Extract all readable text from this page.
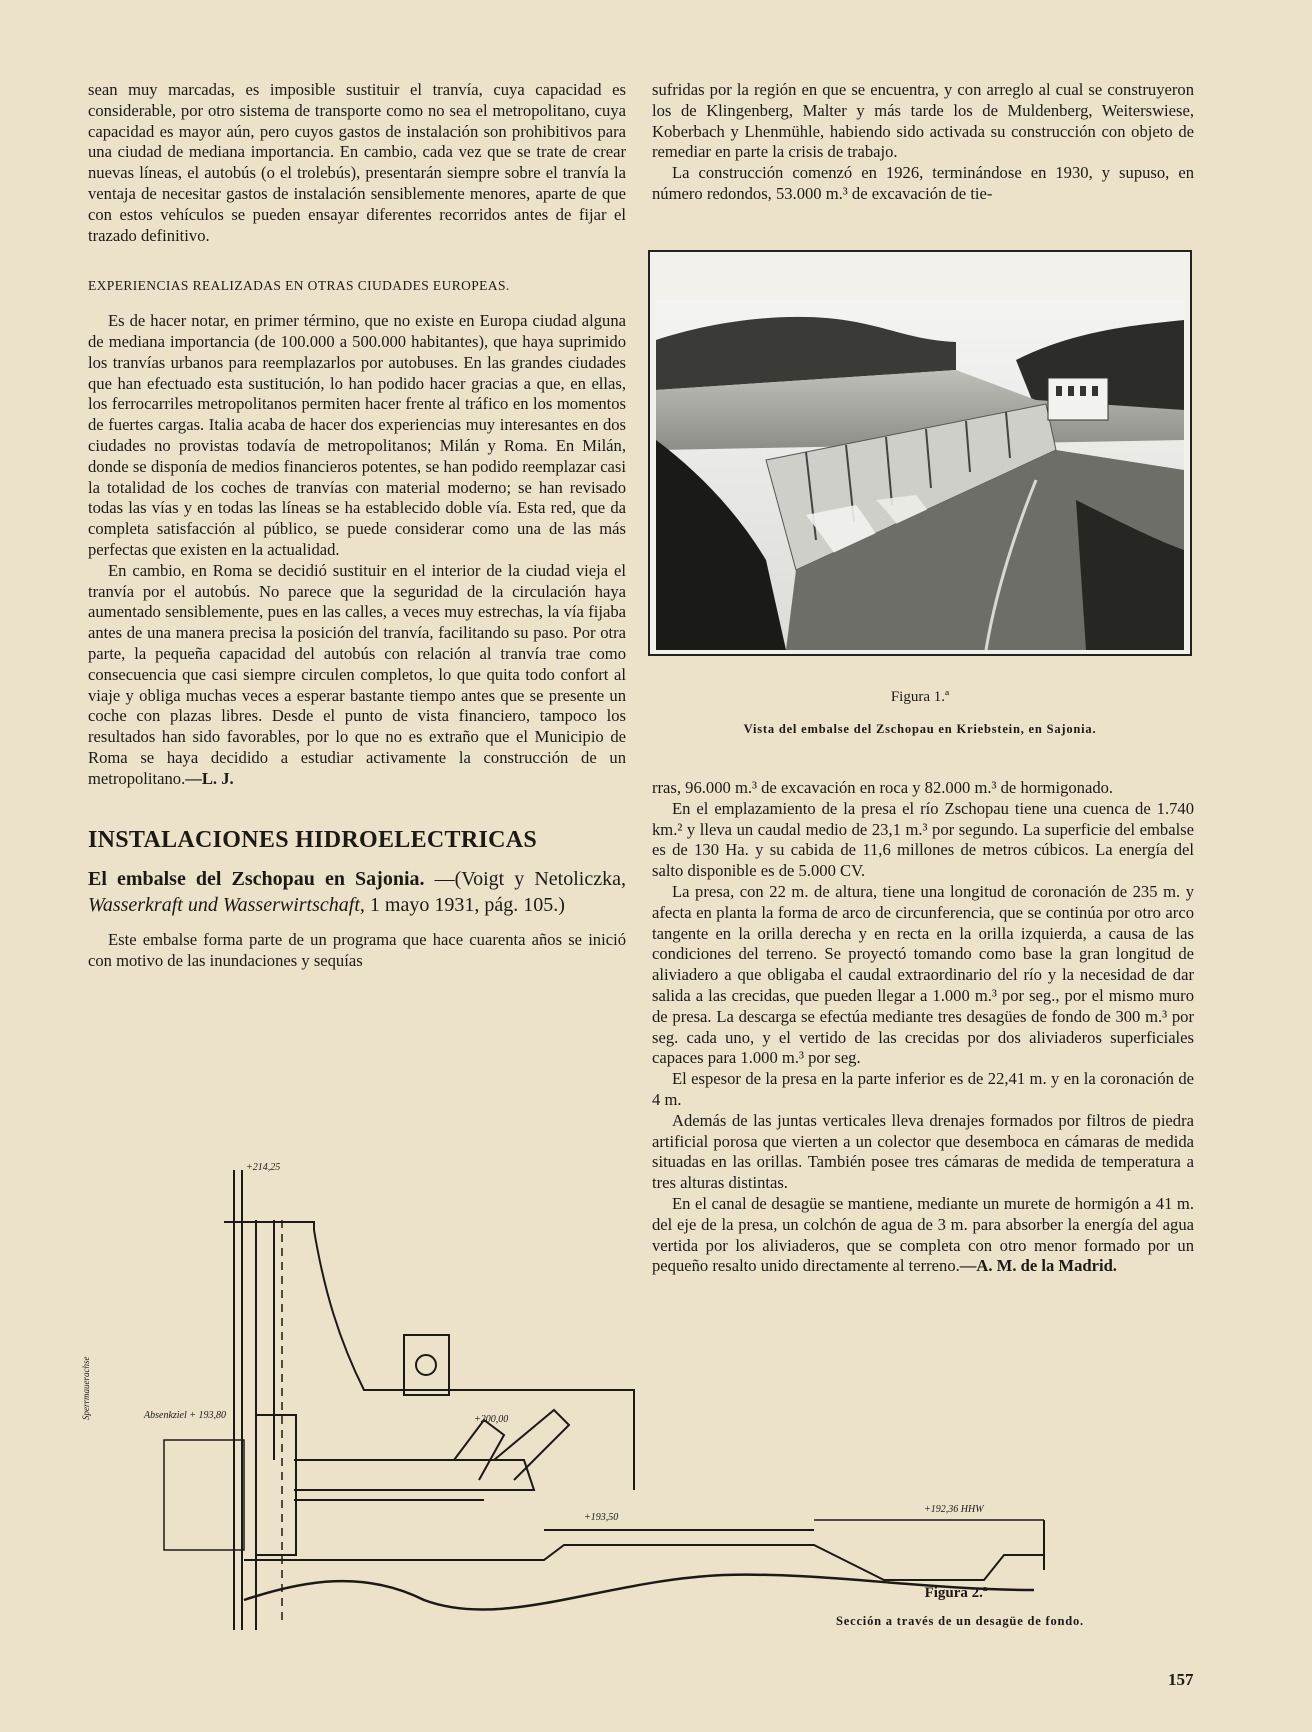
sean muy marcadas, es imposible sustituir el tranvía, cuya capacidad es considerable, por otro sistema de transporte como no sea el metropolitano, cuya capacidad es mayor aún, pero cuyos gastos de instalación son prohibitivos para una ciudad de mediana importancia. En cambio, cada vez que se trate de crear nuevas líneas, el autobús (o el trolebús), presentarán siempre sobre el tranvía la ventaja de necesitar gastos de instalación sensiblemente menores, aparte de que con estos vehículos se pueden ensayar diferentes recorridos antes de fijar el trazado definitivo.

EXPERIENCIAS REALIZADAS EN OTRAS CIUDADES EUROPEAS.

Es de hacer notar, en primer término, que no existe en Europa ciudad alguna de mediana importancia (de 100.000 a 500.000 habitantes), que haya suprimido los tranvías urbanos para reemplazarlos por autobuses. En las grandes ciudades que han efectuado esta sustitución, lo han podido hacer gracias a que, en ellas, los ferrocarriles metropolitanos permiten hacer frente al tráfico en los momentos de fuertes cargas. Italia acaba de hacer dos experiencias muy interesantes en dos ciudades no provistas todavía de metropolitanos; Milán y Roma. En Milán, donde se disponía de medios financieros potentes, se han podido reemplazar casi la totalidad de los coches de tranvías con material moderno; se han revisado todas las vías y en todas las líneas se ha establecido doble vía. Esta red, que da completa satisfacción al público, se puede considerar como una de las más perfectas que existen en la actualidad.

En cambio, en Roma se decidió sustituir en el interior de la ciudad vieja el tranvía por el autobús. No parece que la seguridad de la circulación haya aumentado sensiblemente, pues en las calles, a veces muy estrechas, la vía fijaba antes de una manera precisa la posición del tranvía, facilitando su paso. Por otra parte, la pequeña capacidad del autobús con relación al tranvía trae como consecuencia que casi siempre circulen completos, lo que quita todo confort al viaje y obliga muchas veces a esperar bastante tiempo antes que se presente un coche con plazas libres. Desde el punto de vista financiero, tampoco los resultados han sido favorables, por lo que no es extraño que el Municipio de Roma se haya decidido a estudiar activamente la construcción de un metropolitano.—L. J.

INSTALACIONES HIDROELECTRICAS

El embalse del Zschopau en Sajonia. —(Voigt y Netoliczka, Wasserkraft und Wasserwirtschaft, 1 mayo 1931, pág. 105.)

Este embalse forma parte de un programa que hace cuarenta años se inició con motivo de las inundaciones y sequías

sufridas por la región en que se encuentra, y con arreglo al cual se construyeron los de Klingenberg, Malter y más tarde los de Muldenberg, Weiterswiese, Koberbach y Lhenmühle, habiendo sido activada su construcción con objeto de remediar en parte la crisis de trabajo.

La construcción comenzó en 1926, terminándose en 1930, y supuso, en número redondos, 53.000 m.³ de excavación de tie-

Figura 1.ª
Vista del embalse del Zschopau en Kriebstein, en Sajonia.

rras, 96.000 m.³ de excavación en roca y 82.000 m.³ de hormigonado.

En el emplazamiento de la presa el río Zschopau tiene una cuenca de 1.740 km.² y lleva un caudal medio de 23,1 m.³ por segundo. La superficie del embalse es de 130 Ha. y su cabida de 11,6 millones de metros cúbicos. La energía del salto disponible es de 5.000 CV.

La presa, con 22 m. de altura, tiene una longitud de coronación de 235 m. y afecta en planta la forma de arco de circunferencia, que se continúa por otro arco tangente en la orilla derecha y en recta en la orilla izquierda, a causa de las condiciones del terreno. Se proyectó tomando como base la gran longitud de aliviadero a que obligaba el caudal extraordinario del río y la necesidad de dar salida a las crecidas, que pueden llegar a 1.000 m.³ por seg., por el mismo muro de presa. La descarga se efectúa mediante tres desagües de fondo de 300 m.³ por seg. cada uno, y el vertido de las crecidas por dos aliviaderos superficiales capaces para 1.000 m.³ por seg.

El espesor de la presa en la parte inferior es de 22,41 m. y en la coronación de 4 m.

Además de las juntas verticales lleva drenajes formados por filtros de piedra artificial porosa que vierten a un colector que desemboca en cámaras de medida situadas en las orillas. También posee tres cámaras de medida de temperatura a tres alturas distintas.

En el canal de desagüe se mantiene, mediante un murete de hormigón a 41 m. del eje de la presa, un colchón de agua de 3 m. para absorber la energía del agua vertida por los aliviaderos, que se completa con otro menor formado por un pequeño resalto unido directamente al terreno.—A. M. de la Madrid.

Sperrmauerachse
+214,25
Absenkziel + 193,80	+200,00
+193,50
+192,36 HHW
Figura 2.ª
Sección a través de un desagüe de fondo.
157
